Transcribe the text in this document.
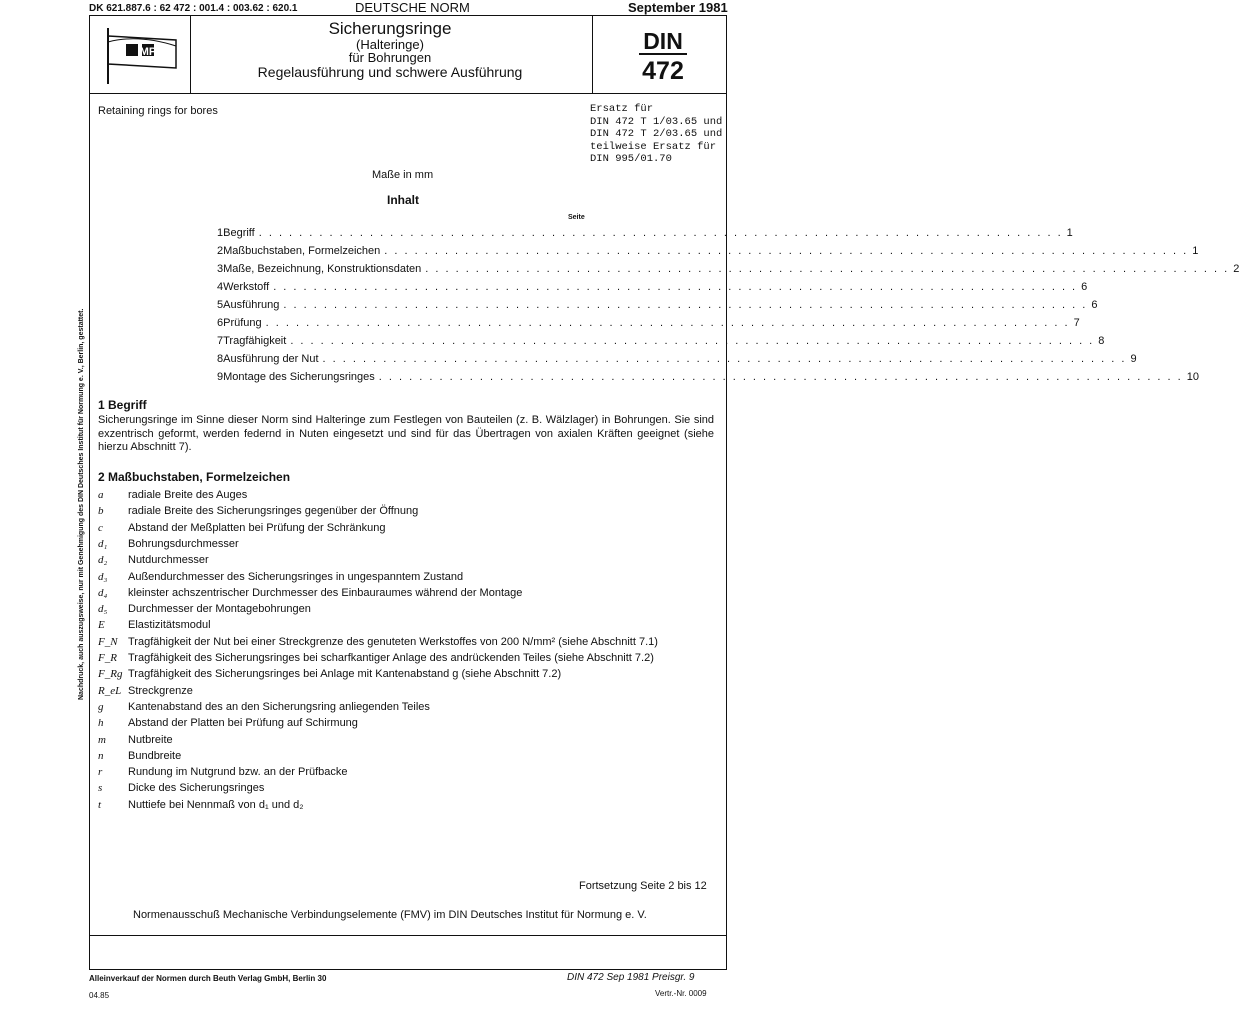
DK 621.887.6 : 62 472 : 001.4 : 003.62 : 620.1	DEUTSCHE NORM	September 1981
MP
Sicherungsringe
(Halteringe)
für Bohrungen
Regelausführung und schwere Ausführung
DIN
472
Retaining rings for bores	Ersatz für
DIN 472 T 1/03.65 und
DIN 472 T 2/03.65 und
teilweise Ersatz für
DIN 995/01.70
Maße in mm
Inhalt
Seite
1 Begriff . . . . . . . . . . . . . . . . . . . . . . . . . . . . . . . . . . . . . . . . . . . . . . . . . . . . . . . . . . . . . . . . . . . . . . . . . . . . . . . . 1
2 Maßbuchstaben, Formelzeichen . . . . . . . . . . . . . . . . . . . . . . . . . . . . . . . . . . . . . . . . . . . . . . . . . . . . . . . . . . . . . . . . . . . . . . . . . . . . . . . . 1
3 Maße, Bezeichnung, Konstruktionsdaten . . . . . . . . . . . . . . . . . . . . . . . . . . . . . . . . . . . . . . . . . . . . . . . . . . . . . . . . . . . . . . . . . . . . . . . . . . . . . . . . 2
4 Werkstoff . . . . . . . . . . . . . . . . . . . . . . . . . . . . . . . . . . . . . . . . . . . . . . . . . . . . . . . . . . . . . . . . . . . . . . . . . . . . . . . . 6
5 Ausführung . . . . . . . . . . . . . . . . . . . . . . . . . . . . . . . . . . . . . . . . . . . . . . . . . . . . . . . . . . . . . . . . . . . . . . . . . . . . . . . . 6
6 Prüfung . . . . . . . . . . . . . . . . . . . . . . . . . . . . . . . . . . . . . . . . . . . . . . . . . . . . . . . . . . . . . . . . . . . . . . . . . . . . . . . . 7
7 Tragfähigkeit . . . . . . . . . . . . . . . . . . . . . . . . . . . . . . . . . . . . . . . . . . . . . . . . . . . . . . . . . . . . . . . . . . . . . . . . . . . . . . . . 8
8 Ausführung der Nut . . . . . . . . . . . . . . . . . . . . . . . . . . . . . . . . . . . . . . . . . . . . . . . . . . . . . . . . . . . . . . . . . . . . . . . . . . . . . . . . 9
9 Montage des Sicherungsringes . . . . . . . . . . . . . . . . . . . . . . . . . . . . . . . . . . . . . . . . . . . . . . . . . . . . . . . . . . . . . . . . . . . . . . . . . . . . . . . . 10
1 Begriff
Sicherungsringe im Sinne dieser Norm sind Halteringe zum Festlegen von Bauteilen (z. B. Wälzlager) in Bohrungen. Sie sind exzentrisch geformt, werden federnd in Nuten eingesetzt und sind für das Übertragen von axialen Kräften geeignet (siehe hierzu Abschnitt 7).
2 Maßbuchstaben, Formelzeichen
a	radiale Breite des Auges
b	radiale Breite des Sicherungsringes gegenüber der Öffnung
c	Abstand der Meßplatten bei Prüfung der Schränkung
d₁	Bohrungsdurchmesser
d₂	Nutdurchmesser
d₃	Außendurchmesser des Sicherungsringes in ungespanntem Zustand
d₄	kleinster achszentrischer Durchmesser des Einbauraumes während der Montage
d₅	Durchmesser der Montagebohrungen
E	Elastizitätsmodul
F_N Tragfähigkeit der Nut bei einer Streckgrenze des genuteten Werkstoffes von 200 N/mm² (siehe Abschnitt 7.1)
F_R	Tragfähigkeit des Sicherungsringes bei scharfkantiger Anlage des andrückenden Teiles (siehe Abschnitt 7.2)
F_Rg Tragfähigkeit des Sicherungsringes bei Anlage mit Kantenabstand g (siehe Abschnitt 7.2)
R_eL Streckgrenze
g	Kantenabstand des an den Sicherungsring anliegenden Teiles
h	Abstand der Platten bei Prüfung auf Schirmung
m	Nutbreite
n	Bundbreite
r	Rundung im Nutgrund bzw. an der Prüfbacke
s	Dicke des Sicherungsringes
t	Nuttiefe bei Nennmaß von d₁ und d₂
Fortsetzung Seite 2 bis 12
Normenausschuß Mechanische Verbindungselemente (FMV) im DIN Deutsches Institut für Normung e. V.
Nachdruck, auch auszugsweise, nur mit Genehmigung des DIN Deutsches Institut für Normung e. V., Berlin, gestattet.
Alleinverkauf der Normen durch Beuth Verlag GmbH, Berlin 30
04.85
DIN 472 Sep 1981 Preisgr. 9
Vertr.-Nr. 0009
